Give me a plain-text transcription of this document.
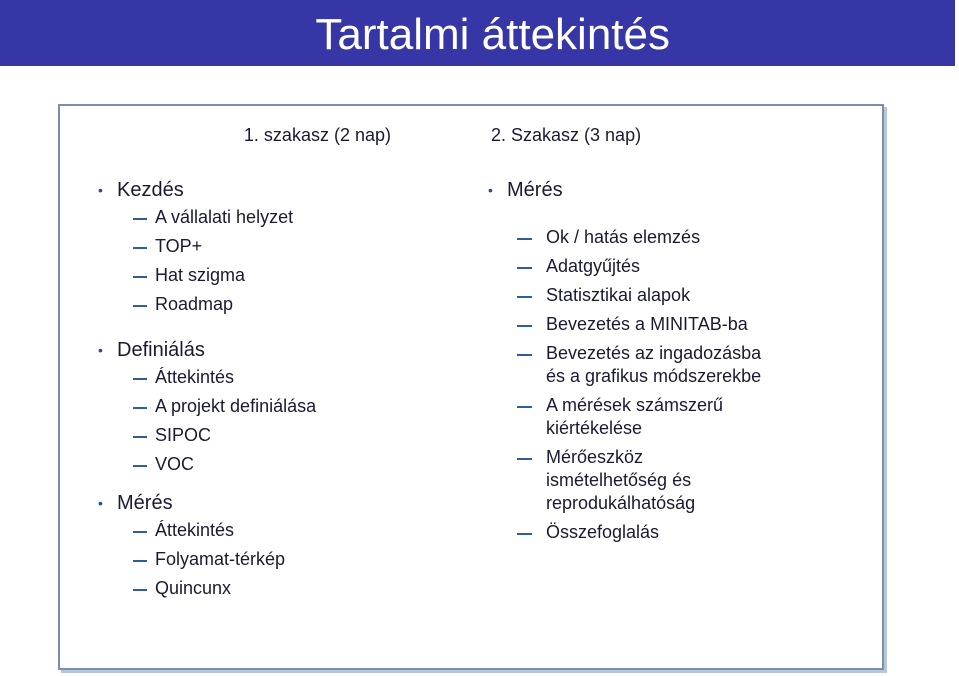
Tartalmi áttekintés
1. szakasz (2 nap)	2. Szakasz (3 nap)
• Kezdés
A vállalati helyzet
TOP+
Hat szigma
Roadmap
• Definiálás
Áttekintés
A projekt definiálása
SIPOC
VOC
• Mérés
Áttekintés
Folyamat-térkép
Quincunx
• Mérés
Ok / hatás elemzés
Adatgyűjtés
Statisztikai alapok
Bevezetés a MINITAB-ba
Bevezetés az ingadozásba
és a grafikus módszerekbe
A mérések számszerű
kiértékelése
Mérőeszköz
ismételhetőség és
reprodukálhatóság
Összefoglalás
